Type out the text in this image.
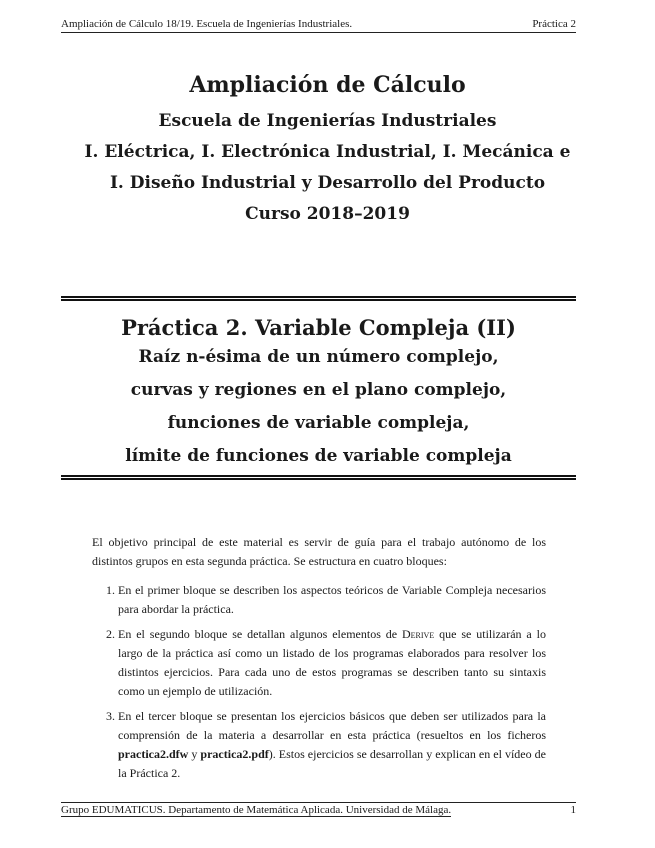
Ampliación de Cálculo 18/19. Escuela de Ingenierías Industriales.	Práctica 2
Ampliación de Cálculo
Escuela de Ingenierías Industriales
I. Eléctrica, I. Electrónica Industrial, I. Mecánica e
I. Diseño Industrial y Desarrollo del Producto
Curso 2018–2019
Práctica 2. Variable Compleja (II)
Raíz n-ésima de un número complejo,
curvas y regiones en el plano complejo,
funciones de variable compleja,
límite de funciones de variable compleja
El objetivo principal de este material es servir de guía para el trabajo autónomo de los distintos grupos en esta segunda práctica. Se estructura en cuatro bloques:
1. En el primer bloque se describen los aspectos teóricos de Variable Compleja necesarios para abordar la práctica.
2. En el segundo bloque se detallan algunos elementos de Derive que se utilizarán a lo largo de la práctica así como un listado de los programas elaborados para resolver los distintos ejercicios. Para cada uno de estos programas se describen tanto su sintaxis como un ejemplo de utilización.
3. En el tercer bloque se presentan los ejercicios básicos que deben ser utilizados para la comprensión de la materia a desarrollar en esta práctica (resueltos en los ficheros practica2.dfw y practica2.pdf). Estos ejercicios se desarrollan y explican en el vídeo de la Práctica 2.
Grupo EDUMATICUS. Departamento de Matemática Aplicada. Universidad de Málaga.	1
